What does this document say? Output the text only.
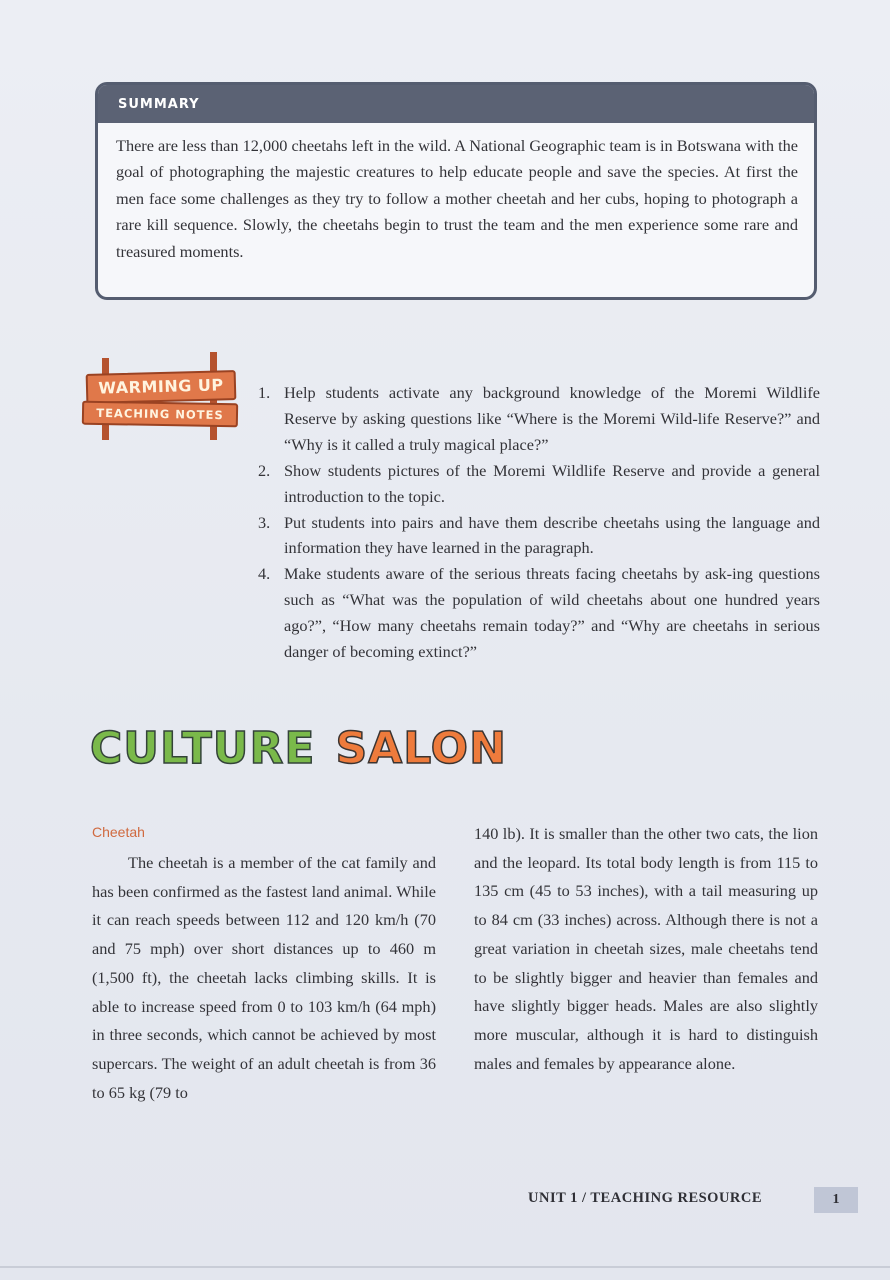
SUMMARY
There are less than 12,000 cheetahs left in the wild. A National Geographic team is in Botswana with the goal of photographing the majestic creatures to help educate people and save the species. At first the men face some challenges as they try to follow a mother cheetah and her cubs, hoping to photograph a rare kill sequence. Slowly, the cheetahs begin to trust the team and the men experience some rare and treasured moments.
WARMING UP
TEACHING NOTES
1. Help students activate any background knowledge of the Moremi Wildlife Reserve by asking questions like “Where is the Moremi Wild-life Reserve?” and “Why is it called a truly magical place?”
2. Show students pictures of the Moremi Wildlife Reserve and provide a general introduction to the topic.
3. Put students into pairs and have them describe cheetahs using the language and information they have learned in the paragraph.
4. Make students aware of the serious threats facing cheetahs by ask-ing questions such as “What was the population of wild cheetahs about one hundred years ago?”, “How many cheetahs remain today?” and “Why are cheetahs in serious danger of becoming extinct?”
CULTURE SALON
Cheetah

The cheetah is a member of the cat family and has been confirmed as the fastest land animal. While it can reach speeds between 112 and 120 km/h (70 and 75 mph) over short distances up to 460 m (1,500 ft), the cheetah lacks climbing skills. It is able to increase speed from 0 to 103 km/h (64 mph) in three seconds, which cannot be achieved by most supercars. The weight of an adult cheetah is from 36 to 65 kg (79 to

140 lb). It is smaller than the other two cats, the lion and the leopard. Its total body length is from 115 to 135 cm (45 to 53 inches), with a tail measuring up to 84 cm (33 inches) across. Although there is not a great variation in cheetah sizes, male cheetahs tend to be slightly bigger and heavier than females and have slightly bigger heads. Males are also slightly more muscular, although it is hard to distinguish males and females by appearance alone.

UNIT 1 / TEACHING RESOURCE	1
